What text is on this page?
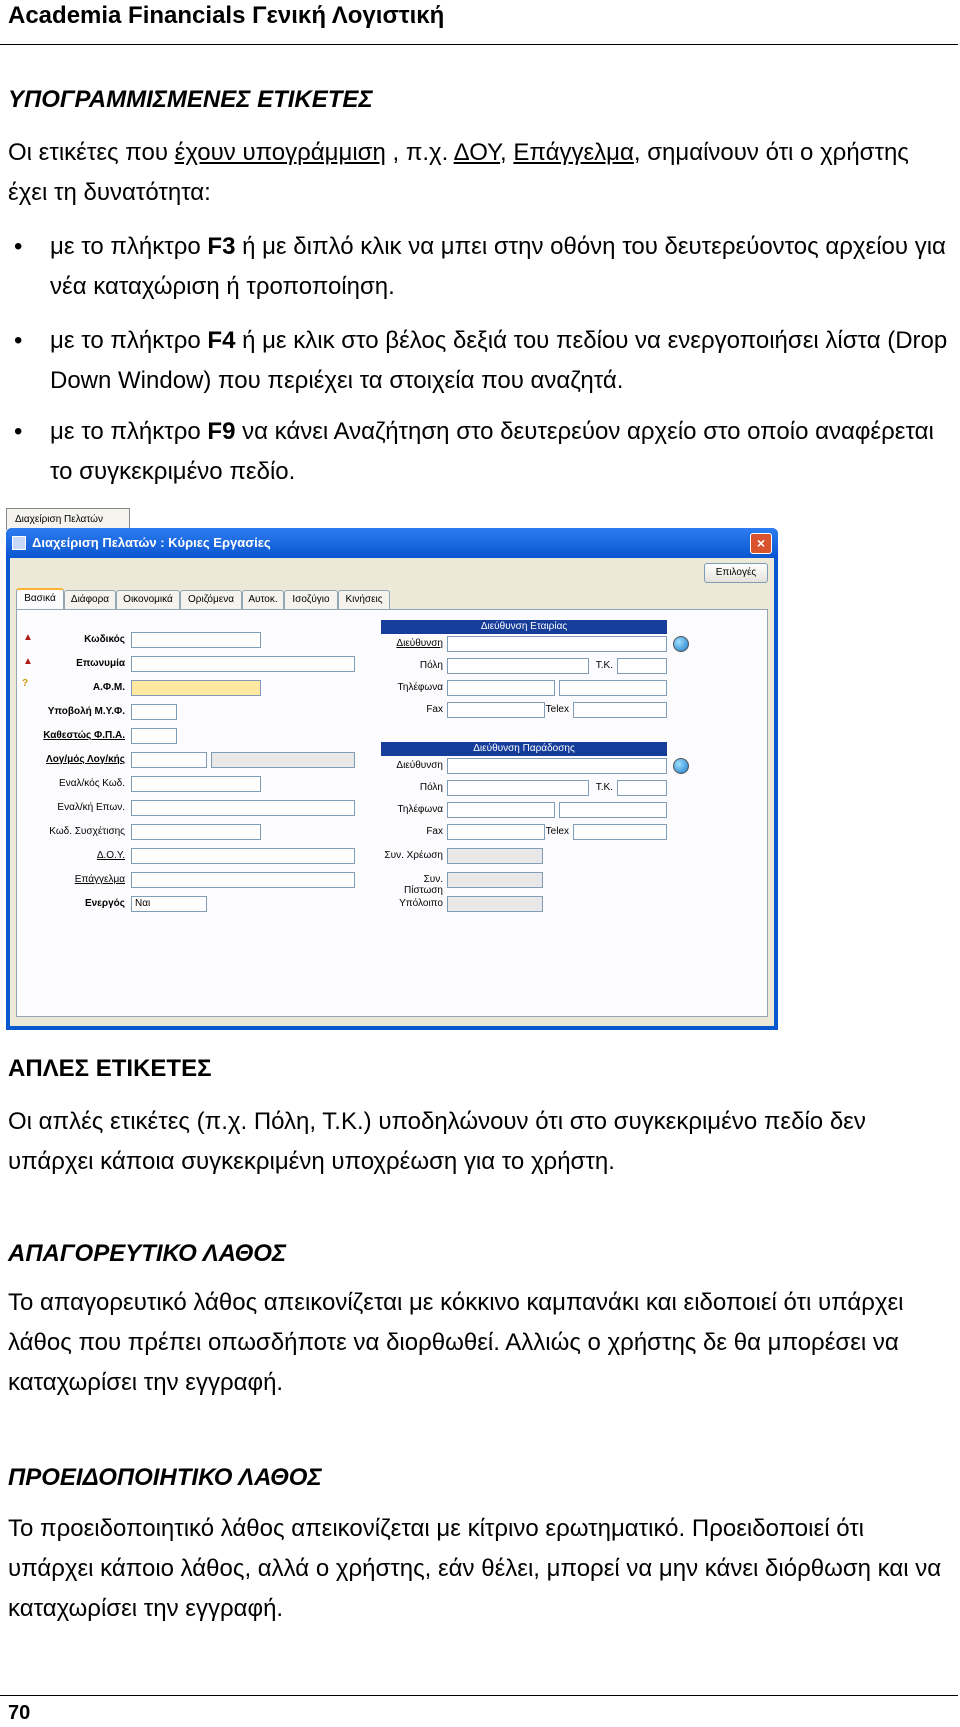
Academia Financials Γενική Λογιστική
ΥΠΟΓΡΑΜΜΙΣΜΕΝΕΣ ΕΤΙΚΕΤΕΣ
Οι ετικέτες που έχουν υπογράμμιση , π.χ. ΔΟΥ, Επάγγελμα, σημαίνουν ότι ο χρήστης έχει τη δυνατότητα:
• με το πλήκτρο F3 ή με διπλό κλικ να μπει στην οθόνη του δευτερεύοντος αρχείου για νέα καταχώριση ή τροποποίηση.
• με το πλήκτρο F4 ή με κλικ στο βέλος δεξιά του πεδίου να ενεργοποιήσει λίστα (Drop Down Window) που περιέχει τα στοιχεία που αναζητά.
• με το πλήκτρο F9 να κάνει Αναζήτηση στο δευτερεύον αρχείο στο οποίο αναφέρεται το συγκεκριμένο πεδίο.
Διαχείριση Πελατών
Διαχείριση Πελατών : Κύριες Εργασίες	×
Επιλογές
Βασικά	Διάφορα	Οικονομικά	Οριζόμενα	Αυτοκ.	Ισοζύγιο	Κινήσεις
▲
▲
?
Κωδικός
Επωνυμία
Α.Φ.Μ.
Υποβολή Μ.Υ.Φ.
Καθεστώς Φ.Π.Α.
Λογ/μός Λογ/κής
Εναλ/κός Κωδ.
Εναλ/κή Επων.
Κωδ. Συσχέτισης
Δ.Ο.Υ.
Επάγγελμα
Ενεργός	Ναι
Διεύθυνση Εταιρίας
Διεύθυνση
Πόλη	Τ.Κ.
Τηλέφωνα
Fax	Telex
Διεύθυνση Παράδοσης
Διεύθυνση
Πόλη	Τ.Κ.
Τηλέφωνα
Fax	Telex
Συν. Χρέωση
Συν. Πίστωση
Υπόλοιπο
ΑΠΛΕΣ ΕΤΙΚΕΤΕΣ
Οι απλές ετικέτες (π.χ. Πόλη, Τ.Κ.) υποδηλώνουν ότι στο συγκεκριμένο πεδίο δεν υπάρχει κάποια συγκεκριμένη υποχρέωση για το χρήστη.
ΑΠΑΓΟΡΕΥΤΙΚΟ ΛΑΘΟΣ
Το απαγορευτικό λάθος απεικονίζεται με κόκκινο καμπανάκι και ειδοποιεί ότι υπάρχει λάθος που πρέπει οπωσδήποτε να διορθωθεί. Αλλιώς ο χρήστης δε θα μπορέσει να καταχωρίσει την εγγραφή.
ΠΡΟΕΙΔΟΠΟΙΗΤΙΚΟ ΛΑΘΟΣ
Το προειδοποιητικό λάθος απεικονίζεται με κίτρινο ερωτηματικό. Προειδοποιεί ότι υπάρχει κάποιο λάθος, αλλά ο χρήστης, εάν θέλει, μπορεί να μην κάνει διόρθωση και να καταχωρίσει την εγγραφή.
70
